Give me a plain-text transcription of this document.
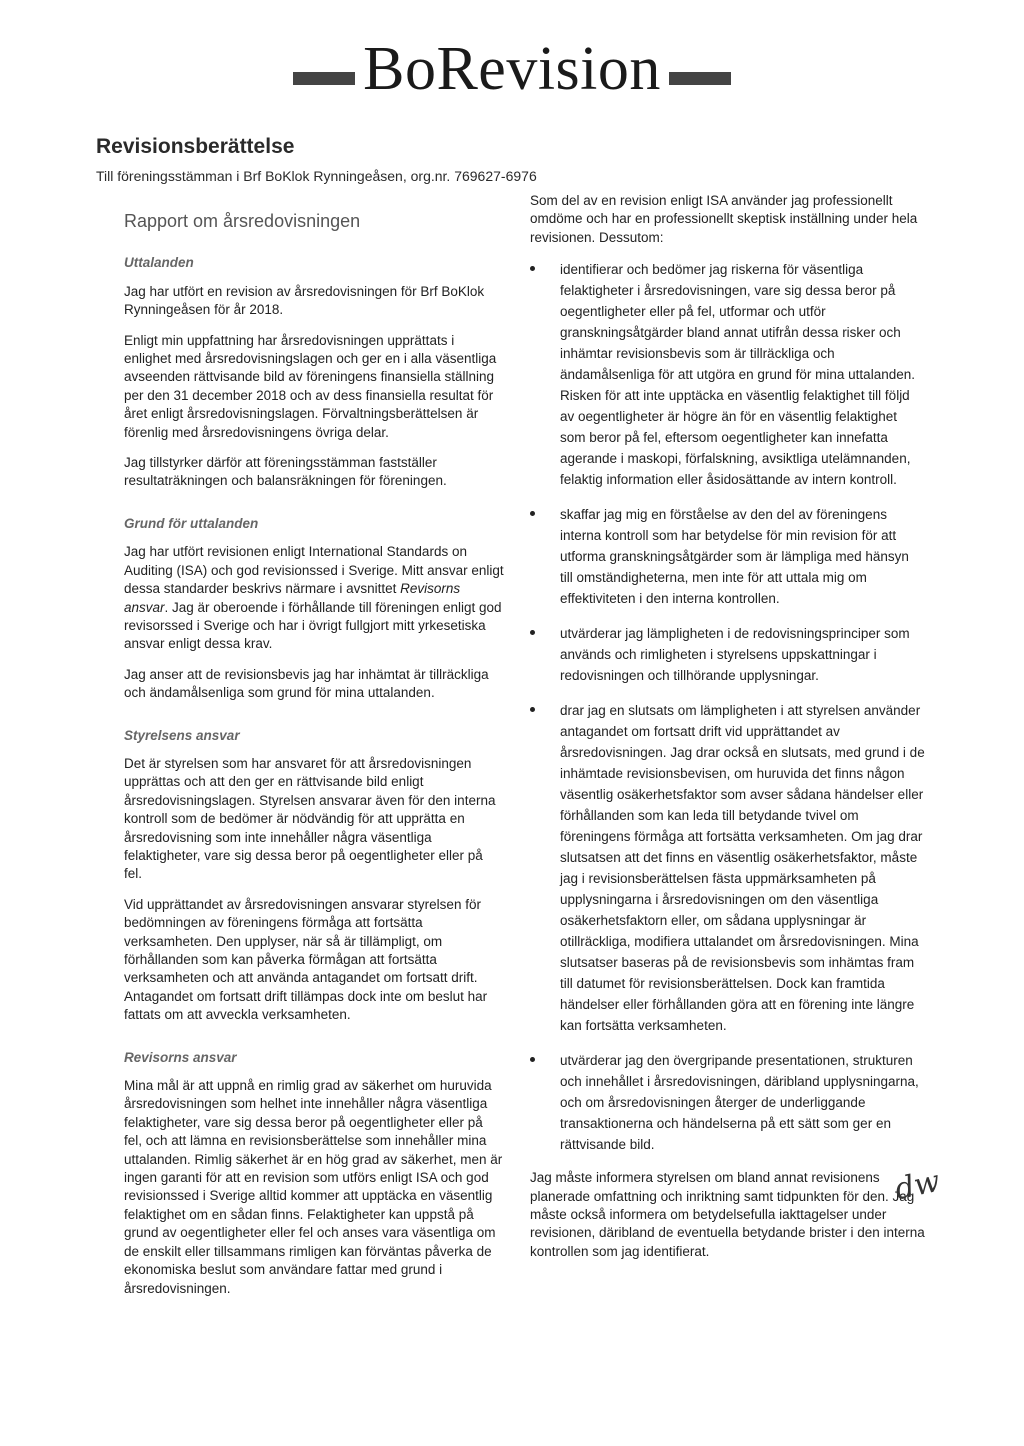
BoRevision
Revisionsberättelse
Till föreningsstämman i Brf BoKlok Rynningeåsen, org.nr. 769627-6976
Rapport om årsredovisningen
Uttalanden

Jag har utfört en revision av årsredovisningen för Brf BoKlok Rynningeåsen för år 2018.

Enligt min uppfattning har årsredovisningen upprättats i enlighet med årsredovisningslagen och ger en i alla väsentliga avseenden rättvisande bild av föreningens finansiella ställning per den 31 december 2018 och av dess finansiella resultat för året enligt årsredovisningslagen. Förvaltningsberättelsen är förenlig med årsredovisningens övriga delar.

Jag tillstyrker därför att föreningsstämman fastställer resultaträkningen och balansräkningen för föreningen.

Grund för uttalanden

Jag har utfört revisionen enligt International Standards on Auditing (ISA) och god revisionssed i Sverige. Mitt ansvar enligt dessa standarder beskrivs närmare i avsnittet Revisorns ansvar. Jag är oberoende i förhållande till föreningen enligt god revisorssed i Sverige och har i övrigt fullgjort mitt yrkesetiska ansvar enligt dessa krav.

Jag anser att de revisionsbevis jag har inhämtat är tillräckliga och ändamålsenliga som grund för mina uttalanden.

Styrelsens ansvar

Det är styrelsen som har ansvaret för att årsredovisningen upprättas och att den ger en rättvisande bild enligt årsredovisningslagen. Styrelsen ansvarar även för den interna kontroll som de bedömer är nödvändig för att upprätta en årsredovisning som inte innehåller några väsentliga felaktigheter, vare sig dessa beror på oegentligheter eller på fel.

Vid upprättandet av årsredovisningen ansvarar styrelsen för bedömningen av föreningens förmåga att fortsätta verksamheten. Den upplyser, när så är tillämpligt, om förhållanden som kan påverka förmågan att fortsätta verksamheten och att använda antagandet om fortsatt drift. Antagandet om fortsatt drift tillämpas dock inte om beslut har fattats om att avveckla verksamheten.

Revisorns ansvar

Mina mål är att uppnå en rimlig grad av säkerhet om huruvida årsredovisningen som helhet inte innehåller några väsentliga felaktigheter, vare sig dessa beror på oegentligheter eller på fel, och att lämna en revisionsberättelse som innehåller mina uttalanden. Rimlig säkerhet är en hög grad av säkerhet, men är ingen garanti för att en revision som utförs enligt ISA och god revisionssed i Sverige alltid kommer att upptäcka en väsentlig felaktighet om en sådan finns. Felaktigheter kan uppstå på grund av oegentligheter eller fel och anses vara väsentliga om de enskilt eller tillsammans rimligen kan förväntas påverka de ekonomiska beslut som användare fattar med grund i årsredovisningen.

Som del av en revision enligt ISA använder jag professionellt omdöme och har en professionellt skeptisk inställning under hela revisionen. Dessutom:

identifierar och bedömer jag riskerna för väsentliga felaktigheter i årsredovisningen, vare sig dessa beror på oegentligheter eller på fel, utformar och utför granskningsåtgärder bland annat utifrån dessa risker och inhämtar revisionsbevis som är tillräckliga och ändamålsenliga för att utgöra en grund för mina uttalanden. Risken för att inte upptäcka en väsentlig felaktighet till följd av oegentligheter är högre än för en väsentlig felaktighet som beror på fel, eftersom oegentligheter kan innefatta agerande i maskopi, förfalskning, avsiktliga utelämnanden, felaktig information eller åsidosättande av intern kontroll.
skaffar jag mig en förståelse av den del av föreningens interna kontroll som har betydelse för min revision för att utforma granskningsåtgärder som är lämpliga med hänsyn till omständigheterna, men inte för att uttala mig om effektiviteten i den interna kontrollen.
utvärderar jag lämpligheten i de redovisningsprinciper som används och rimligheten i styrelsens uppskattningar i redovisningen och tillhörande upplysningar.
drar jag en slutsats om lämpligheten i att styrelsen använder antagandet om fortsatt drift vid upprättandet av årsredovisningen. Jag drar också en slutsats, med grund i de inhämtade revisionsbevisen, om huruvida det finns någon väsentlig osäkerhetsfaktor som avser sådana händelser eller förhållanden som kan leda till betydande tvivel om föreningens förmåga att fortsätta verksamheten. Om jag drar slutsatsen att det finns en väsentlig osäkerhetsfaktor, måste jag i revisionsberättelsen fästa uppmärksamheten på upplysningarna i årsredovisningen om den väsentliga osäkerhetsfaktorn eller, om sådana upplysningar är otillräckliga, modifiera uttalandet om årsredovisningen. Mina slutsatser baseras på de revisionsbevis som inhämtas fram till datumet för revisionsberättelsen. Dock kan framtida händelser eller förhållanden göra att en förening inte längre kan fortsätta verksamheten.
utvärderar jag den övergripande presentationen, strukturen och innehållet i årsredovisningen, däribland upplysningarna, och om årsredovisningen återger de underliggande transaktionerna och händelserna på ett sätt som ger en rättvisande bild.

Jag måste informera styrelsen om bland annat revisionens planerade omfattning och inriktning samt tidpunkten för den. Jag måste också informera om betydelsefulla iakttagelser under revisionen, däribland de eventuella betydande brister i den interna kontrollen som jag identifierat.

dw
